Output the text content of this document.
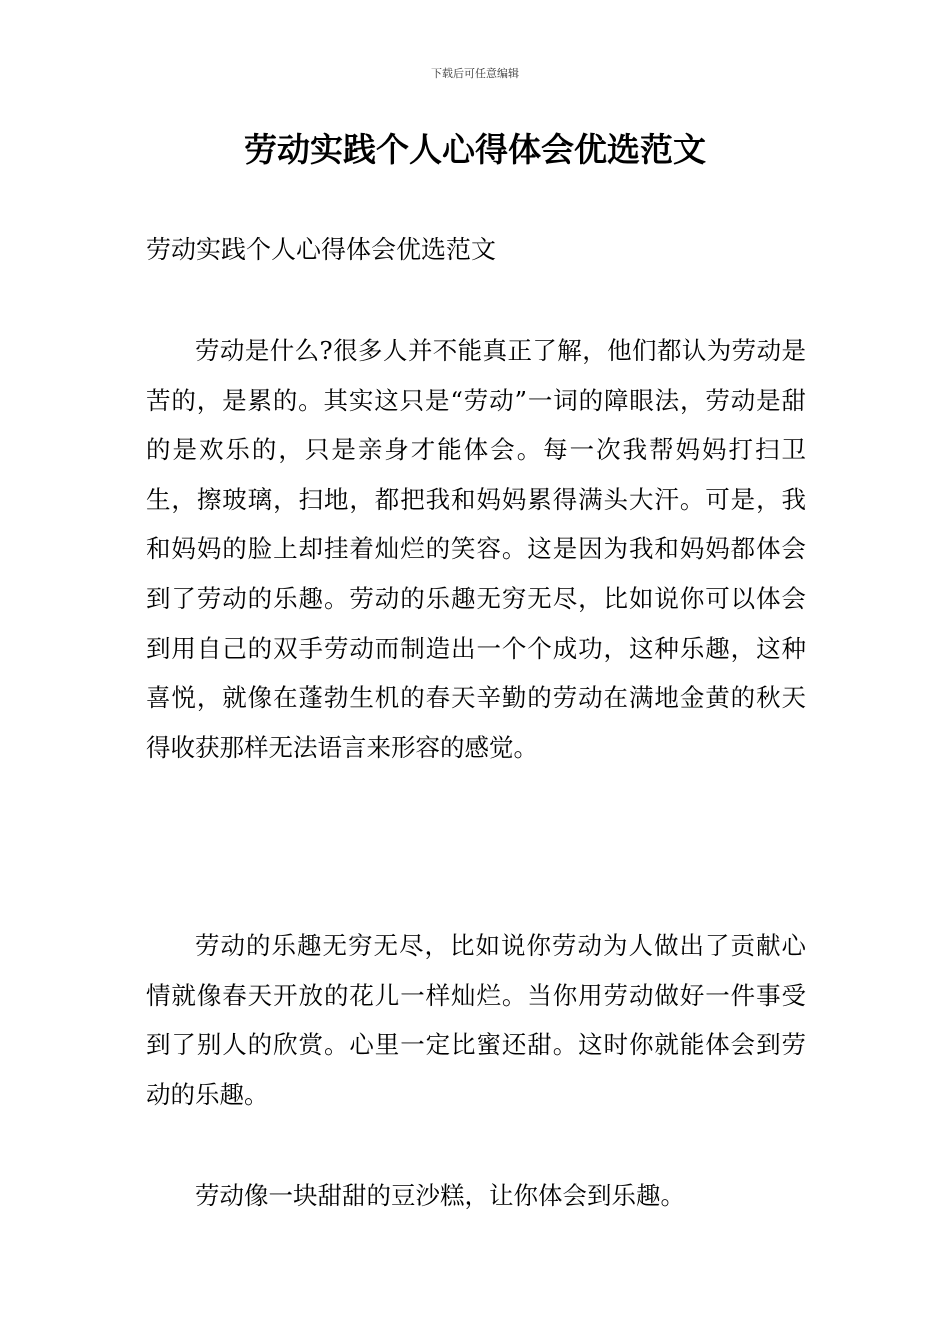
下载后可任意编辑
劳动实践个人心得体会优选范文

劳动实践个人心得体会优选范文

劳动是什么?很多人并不能真正了解，他们都认为劳动是苦的，是累的。其实这只是“劳动”一词的障眼法，劳动是甜的是欢乐的，只是亲身才能体会。每一次我帮妈妈打扫卫生，擦玻璃，扫地，都把我和妈妈累得满头大汗。可是，我和妈妈的脸上却挂着灿烂的笑容。这是因为我和妈妈都体会到了劳动的乐趣。劳动的乐趣无穷无尽，比如说你可以体会到用自己的双手劳动而制造出一个个成功，这种乐趣，这种喜悦，就像在蓬勃生机的春天辛勤的劳动在满地金黄的秋天得收获那样无法语言来形容的感觉。

劳动的乐趣无穷无尽，比如说你劳动为人做出了贡献心情就像春天开放的花儿一样灿烂。当你用劳动做好一件事受到了别人的欣赏。心里一定比蜜还甜。这时你就能体会到劳动的乐趣。

劳动像一块甜甜的豆沙糕，让你体会到乐趣。
